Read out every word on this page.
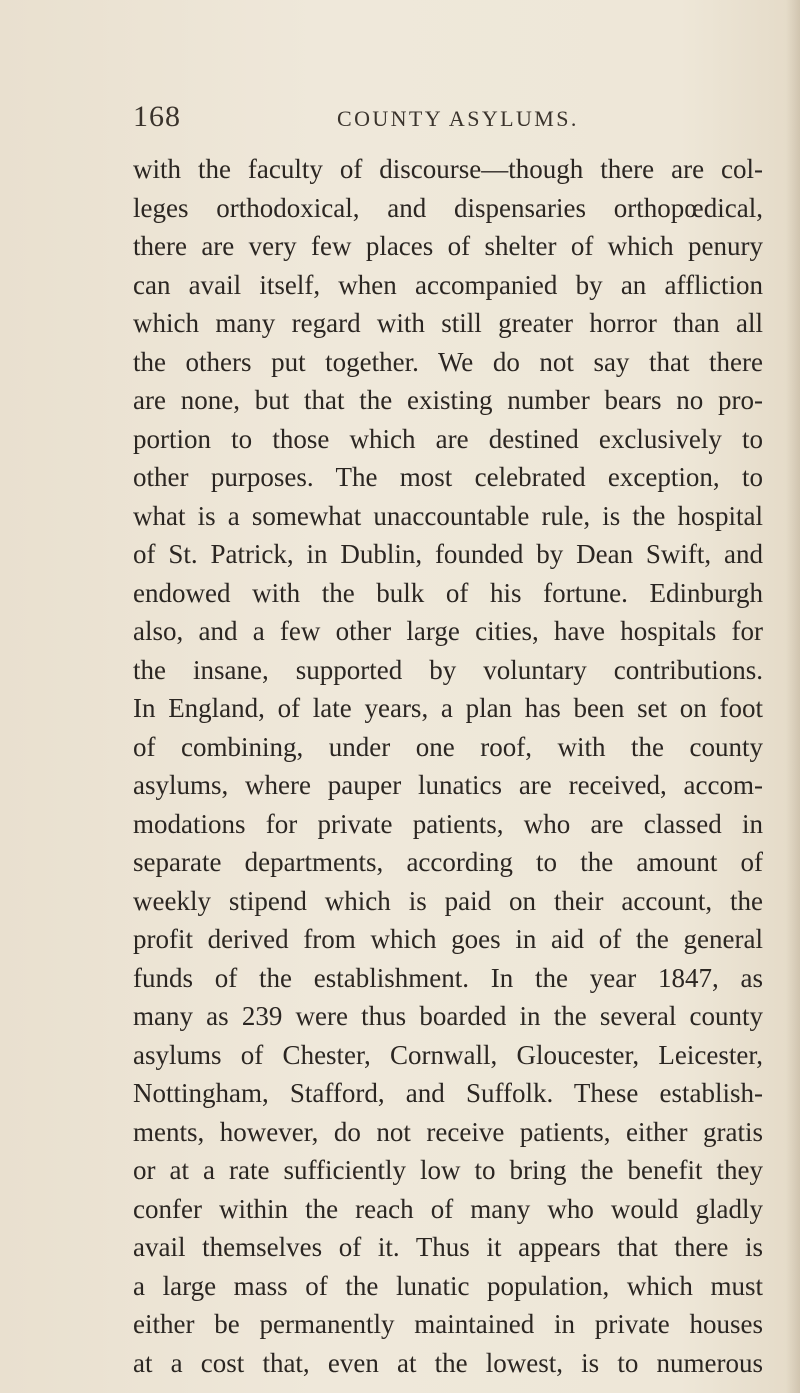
168	COUNTY ASYLUMS.
with the faculty of discourse—though there are col-
leges orthodoxical, and dispensaries orthopœdical,
there are very few places of shelter of which penury
can avail itself, when accompanied by an affliction
which many regard with still greater horror than all
the others put together. We do not say that there
are none, but that the existing number bears no pro-
portion to those which are destined exclusively to
other purposes. The most celebrated exception, to
what is a somewhat unaccountable rule, is the hospital
of St. Patrick, in Dublin, founded by Dean Swift, and
endowed with the bulk of his fortune. Edinburgh
also, and a few other large cities, have hospitals for
the insane, supported by voluntary contributions.
In England, of late years, a plan has been set on foot
of combining, under one roof, with the county
asylums, where pauper lunatics are received, accom-
modations for private patients, who are classed in
separate departments, according to the amount of
weekly stipend which is paid on their account, the
profit derived from which goes in aid of the general
funds of the establishment. In the year 1847, as
many as 239 were thus boarded in the several county
asylums of Chester, Cornwall, Gloucester, Leicester,
Nottingham, Stafford, and Suffolk. These establish-
ments, however, do not receive patients, either gratis
or at a rate sufficiently low to bring the benefit they
confer within the reach of many who would gladly
avail themselves of it. Thus it appears that there is
a large mass of the lunatic population, which must
either be permanently maintained in private houses
at a cost that, even at the lowest, is to numerous
